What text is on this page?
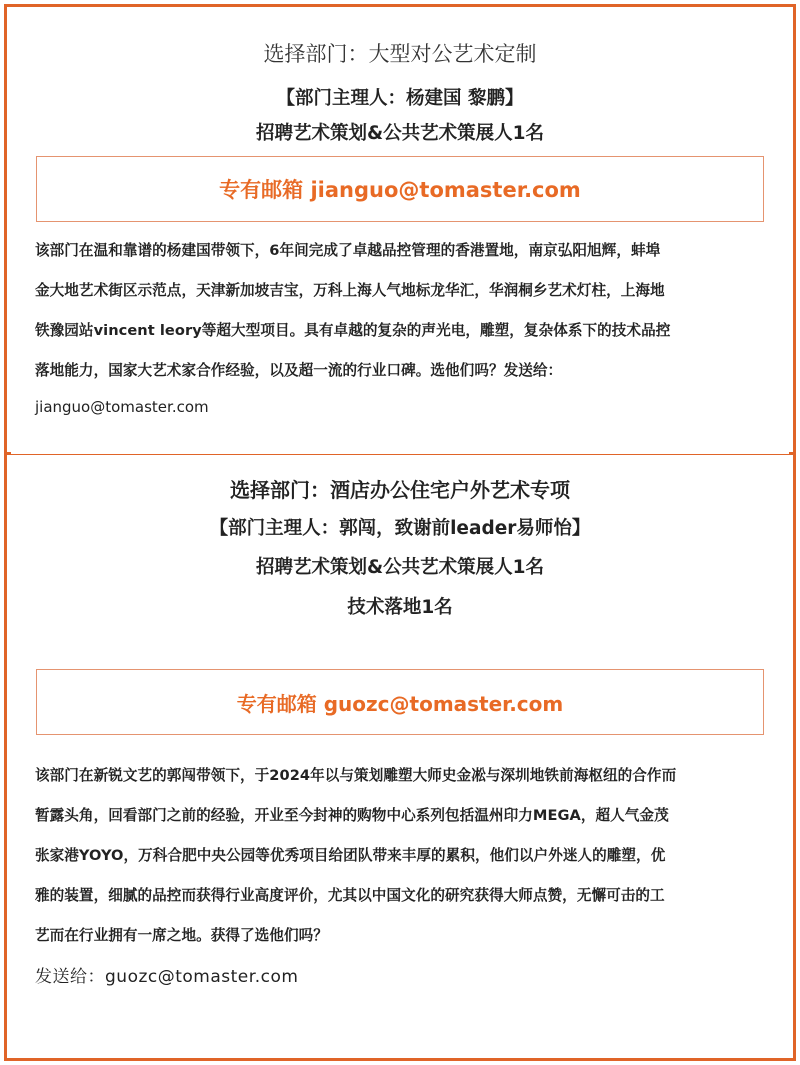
选择部门：大型对公艺术定制
【部门主理人：杨建国 黎鹏】
招聘艺术策划&公共艺术策展人1名
专有邮箱 jianguo@tomaster.com
该部门在温和靠谱的杨建国带领下，6年间完成了卓越品控管理的香港置地，南京弘阳旭辉，蚌埠
金大地艺术街区示范点，天津新加坡吉宝，万科上海人气地标龙华汇，华润桐乡艺术灯柱，上海地
铁豫园站vincent leory等超大型项目。具有卓越的复杂的声光电，雕塑，复杂体系下的技术品控
落地能力，国家大艺术家合作经验，以及超一流的行业口碑。选他们吗？发送给：
jianguo@tomaster.com
选择部门：酒店办公住宅户外艺术专项
【部门主理人：郭闯，致谢前leader易师怡】
招聘艺术策划&公共艺术策展人1名
技术落地1名
专有邮箱 guozc@tomaster.com
该部门在新锐文艺的郭闯带领下，于2024年以与策划雕塑大师史金凇与深圳地铁前海枢纽的合作而
暂露头角，回看部门之前的经验，开业至今封神的购物中心系列包括温州印力MEGA，超人气金茂
张家港YOYO，万科合肥中央公园等优秀项目给团队带来丰厚的累积，他们以户外迷人的雕塑，优
雅的装置，细腻的品控而获得行业高度评价，尤其以中国文化的研究获得大师点赞，无懈可击的工
艺而在行业拥有一席之地。获得了选他们吗？
发送给：guozc@tomaster.com
